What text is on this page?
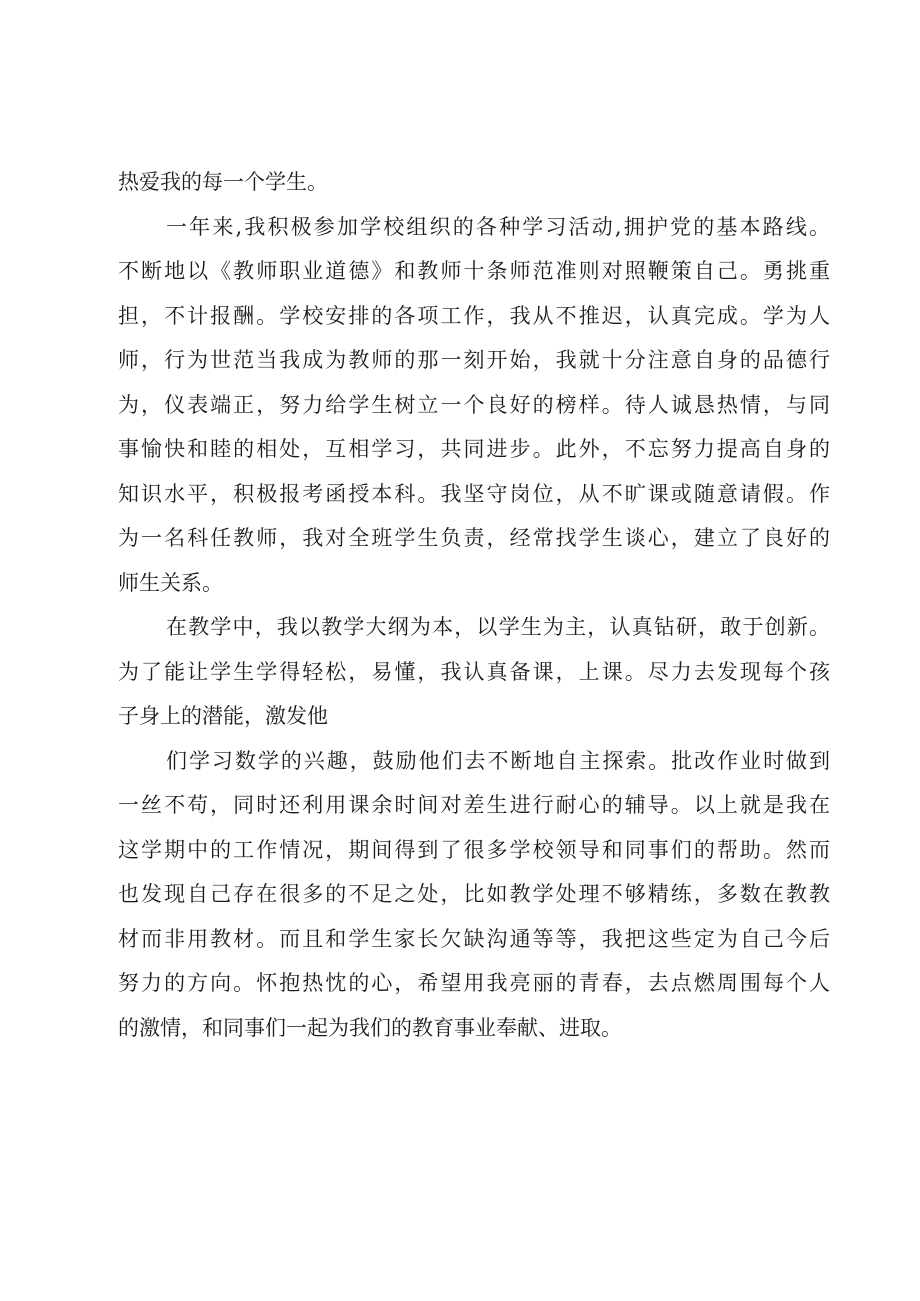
热爱我的每一个学生。
一年来,我积极参加学校组织的各种学习活动,拥护党的基本路线。
不断地以《教师职业道德》和教师十条师范准则对照鞭策自己。勇挑重
担，不计报酬。学校安排的各项工作，我从不推迟，认真完成。学为人
师，行为世范当我成为教师的那一刻开始，我就十分注意自身的品德行
为，仪表端正，努力给学生树立一个良好的榜样。待人诚恳热情，与同
事愉快和睦的相处，互相学习，共同进步。此外，不忘努力提高自身的
知识水平，积极报考函授本科。我坚守岗位，从不旷课或随意请假。作
为一名科任教师，我对全班学生负责，经常找学生谈心，建立了良好的
师生关系。
在教学中，我以教学大纲为本，以学生为主，认真钻研，敢于创新。
为了能让学生学得轻松，易懂，我认真备课，上课。尽力去发现每个孩
子身上的潜能，激发他
们学习数学的兴趣，鼓励他们去不断地自主探索。批改作业时做到
一丝不苟，同时还利用课余时间对差生进行耐心的辅导。以上就是我在
这学期中的工作情况，期间得到了很多学校领导和同事们的帮助。然而
也发现自己存在很多的不足之处，比如教学处理不够精练，多数在教教
材而非用教材。而且和学生家长欠缺沟通等等，我把这些定为自己今后
努力的方向。怀抱热忱的心，希望用我亮丽的青春，去点燃周围每个人
的激情，和同事们一起为我们的教育事业奉献、进取。
